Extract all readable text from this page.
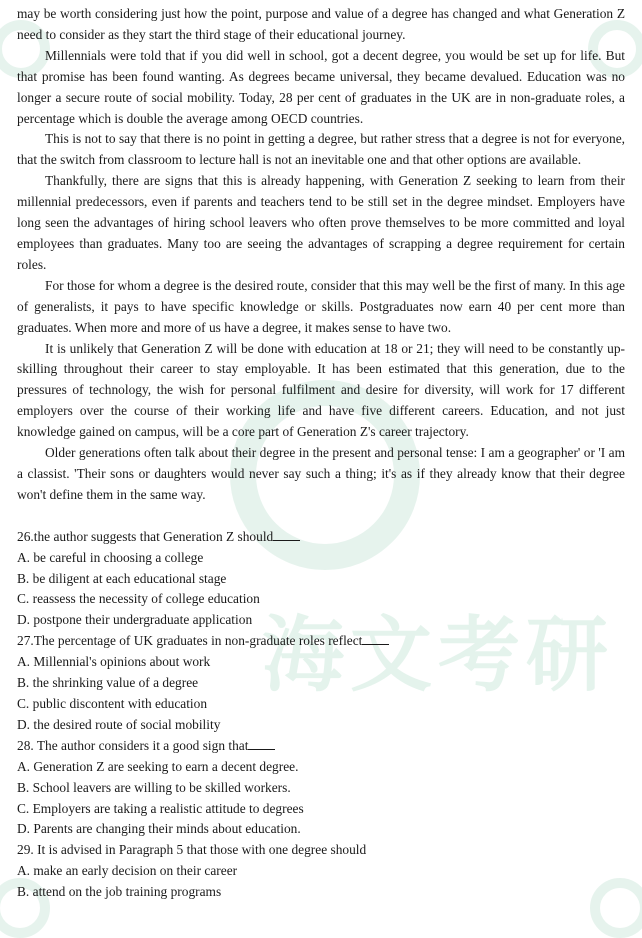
海文考研

may be worth considering just how the point, purpose and value of a degree has changed and what Generation Z need to consider as they start the third stage of their educational journey.

Millennials were told that if you did well in school, got a decent degree, you would be set up for life. But that promise has been found wanting. As degrees became universal, they became devalued. Education was no longer a secure route of social mobility. Today, 28 per cent of graduates in the UK are in non-graduate roles, a percentage which is double the average among OECD countries.

This is not to say that there is no point in getting a degree, but rather stress that a degree is not for everyone, that the switch from classroom to lecture hall is not an inevitable one and that other options are available.

Thankfully, there are signs that this is already happening, with Generation Z seeking to learn from their millennial predecessors, even if parents and teachers tend to be still set in the degree mindset. Employers have long seen the advantages of hiring school leavers who often prove themselves to be more committed and loyal employees than graduates. Many too are seeing the advantages of scrapping a degree requirement for certain roles.

For those for whom a degree is the desired route, consider that this may well be the first of many. In this age of generalists, it pays to have specific knowledge or skills. Postgraduates now earn 40 per cent more than graduates. When more and more of us have a degree, it makes sense to have two.

It is unlikely that Generation Z will be done with education at 18 or 21; they will need to be constantly up-skilling throughout their career to stay employable. It has been estimated that this generation, due to the pressures of technology, the wish for personal fulfilment and desire for diversity, will work for 17 different employers over the course of their working life and have five different careers. Education, and not just knowledge gained on campus, will be a core part of Generation Z's career trajectory.

Older generations often talk about their degree in the present and personal tense: I am a geographer' or 'I am a classist. 'Their sons or daughters would never say such a thing; it's as if they already know that their degree won't define them in the same way.

26.the author suggests that Generation Z should

A. be careful in choosing a college

B. be diligent at each educational stage

C. reassess the necessity of college education

D. postpone their undergraduate application

27.The percentage of UK graduates in non-graduate roles reflect

A. Millennial's opinions about work

B. the shrinking value of a degree

C. public discontent with education

D. the desired route of social mobility

28. The author considers it a good sign that

A. Generation Z are seeking to earn a decent degree.

B. School leavers are willing to be skilled workers.

C. Employers are taking a realistic attitude to degrees

D. Parents are changing their minds about education.

29. It is advised in Paragraph 5 that those with one degree should

A. make an early decision on their career

B. attend on the job training programs
